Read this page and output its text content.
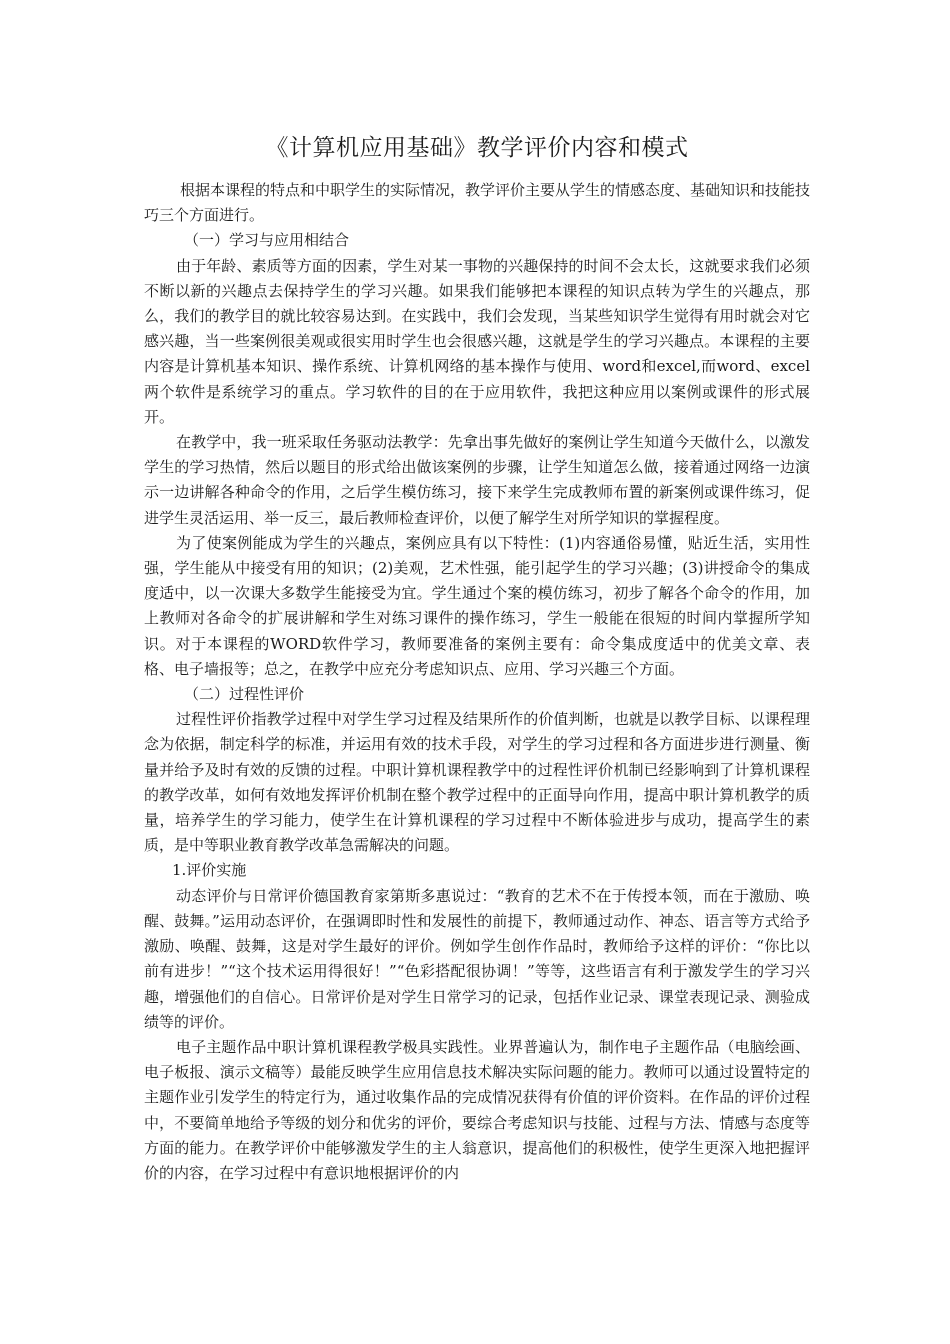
《计算机应用基础》教学评价内容和模式

根据本课程的特点和中职学生的实际情况，教学评价主要从学生的情感态度、基础知识和技能技巧三个方面进行。

（一）学习与应用相结合

由于年龄、素质等方面的因素，学生对某一事物的兴趣保持的时间不会太长，这就要求我们必须不断以新的兴趣点去保持学生的学习兴趣。如果我们能够把本课程的知识点转为学生的兴趣点，那么，我们的教学目的就比较容易达到。在实践中，我们会发现，当某些知识学生觉得有用时就会对它感兴趣，当一些案例很美观或很实用时学生也会很感兴趣，这就是学生的学习兴趣点。本课程的主要内容是计算机基本知识、操作系统、计算机网络的基本操作与使用、word和excel,而word、excel两个软件是系统学习的重点。学习软件的目的在于应用软件，我把这种应用以案例或课件的形式展开。

在教学中，我一班采取任务驱动法教学：先拿出事先做好的案例让学生知道今天做什么，以激发学生的学习热情，然后以题目的形式给出做该案例的步骤，让学生知道怎么做，接着通过网络一边演示一边讲解各种命令的作用，之后学生模仿练习，接下来学生完成教师布置的新案例或课件练习，促进学生灵活运用、举一反三，最后教师检查评价，以便了解学生对所学知识的掌握程度。

为了使案例能成为学生的兴趣点，案例应具有以下特性：(1)内容通俗易懂，贴近生活，实用性强，学生能从中接受有用的知识；(2)美观，艺术性强，能引起学生的学习兴趣；(3)讲授命令的集成度适中，以一次课大多数学生能接受为宜。学生通过个案的模仿练习，初步了解各个命令的作用，加上教师对各命令的扩展讲解和学生对练习课件的操作练习，学生一般能在很短的时间内掌握所学知识。对于本课程的WORD软件学习，教师要准备的案例主要有：命令集成度适中的优美文章、表格、电子墙报等；总之，在教学中应充分考虑知识点、应用、学习兴趣三个方面。

（二）过程性评价

过程性评价指教学过程中对学生学习过程及结果所作的价值判断，也就是以教学目标、以课程理念为依据，制定科学的标准，并运用有效的技术手段，对学生的学习过程和各方面进步进行测量、衡量并给予及时有效的反馈的过程。中职计算机课程教学中的过程性评价机制已经影响到了计算机课程的教学改革，如何有效地发挥评价机制在整个教学过程中的正面导向作用，提高中职计算机教学的质量，培养学生的学习能力，使学生在计算机课程的学习过程中不断体验进步与成功，提高学生的素质，是中等职业教育教学改革急需解决的问题。

1.评价实施

动态评价与日常评价德国教育家第斯多惠说过：“教育的艺术不在于传授本领，而在于激励、唤醒、鼓舞。”运用动态评价，在强调即时性和发展性的前提下，教师通过动作、神态、语言等方式给予激励、唤醒、鼓舞，这是对学生最好的评价。例如学生创作作品时，教师给予这样的评价：“你比以前有进步！”“这个技术运用得很好！”“色彩搭配很协调！”等等，这些语言有利于激发学生的学习兴趣，增强他们的自信心。日常评价是对学生日常学习的记录，包括作业记录、课堂表现记录、测验成绩等的评价。

电子主题作品中职计算机课程教学极具实践性。业界普遍认为，制作电子主题作品（电脑绘画、电子板报、演示文稿等）最能反映学生应用信息技术解决实际问题的能力。教师可以通过设置特定的主题作业引发学生的特定行为，通过收集作品的完成情况获得有价值的评价资料。在作品的评价过程中，不要简单地给予等级的划分和优劣的评价，要综合考虑知识与技能、过程与方法、情感与态度等方面的能力。在教学评价中能够激发学生的主人翁意识，提高他们的积极性，使学生更深入地把握评价的内容，在学习过程中有意识地根据评价的内
